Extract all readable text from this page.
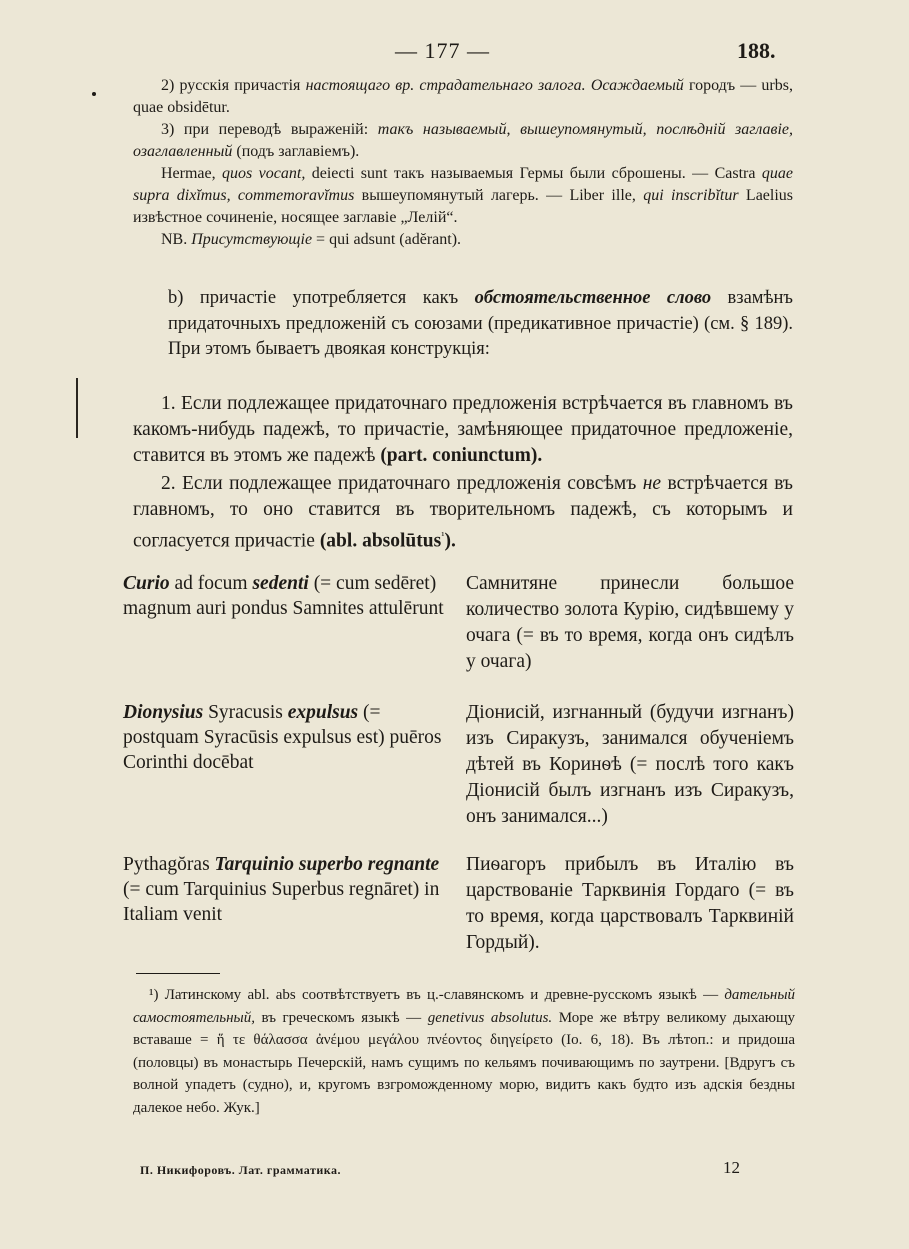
— 177 —	188.

2) русскія причастія настоящаго вр. страдательнаго залога. Осаждаемый городъ — urbs, quae obsidētur.

3) при переводѣ выраженій: такъ называемый, вышеупомянутый, послѣдній заглавіе, озаглавленный (подъ заглавіемъ).

Hermae, quos vocant, deiecti sunt такъ называемыя Гермы были сброшены. — Castra quae supra dixĭmus, commemoravĭmus вышеупомянутый лагерь. — Liber ille, qui inscribĭtur Laelius извѣстное сочиненіе, носящее заглавіе „Лелій“.

NB. Присутствующіе = qui adsunt (adĕrant).

b) причастіе употребляется какъ обстоятельственное слово взамѣнъ придаточныхъ предложеній съ союзами (предикативное причастіе) (см. § 189). При этомъ бываетъ двоякая конструкція:

1. Если подлежащее придаточнаго предложенія встрѣчается въ главномъ въ какомъ-нибудь падежѣ, то причастіе, замѣняющее придаточное предложеніе, ставится въ этомъ же падежѣ (part. coniunctum).

2. Если подлежащее придаточнаго предложенія совсѣмъ не встрѣчается въ главномъ, то оно ставится въ творительномъ падежѣ, съ которымъ и согласуется причастіе (abl. absolūtus$^{^1}$).

Curio ad focum sedenti (= cum sedēret) magnum auri pondus Samnites attulērunt
Самнитяне принесли большое количество золота Курію, сидѣвшему у очага (= въ то время, когда онъ сидѣлъ у очага)
Dionysius Syracusis expulsus (= postquam Syracūsis expulsus est) puēros Corinthi docēbat
Діонисій, изгнанный (будучи изгнанъ) изъ Сиракузъ, занимался обученіемъ дѣтей въ Коринѳѣ (= послѣ того какъ Діонисій былъ изгнанъ изъ Сиракузъ, онъ занимался...)
Pythagŏras Tarquinio superbo regnante (= cum Tarquinius Superbus regnāret) in Italiam venit
Пиѳагоръ прибылъ въ Италію въ царствованіе Тарквинія Гордаго (= въ то время, когда царствовалъ Тарквиній Гордый).

¹) Латинскому abl. abs соотвѣтствуетъ въ ц.-славянскомъ и древне-русскомъ языкѣ — дательный самостоятельный, въ греческомъ языкѣ — genetivus absolutus. Море же вѣтру великому дыхающу вставаше = ἥ τε θάλασσα ἀνέμου μεγάλου πνέοντος διηγείρετο (Io. 6, 18). Въ лѣтоп.: и придоша (половцы) въ монастырь Печерскій, намъ сущимъ по кельямъ почивающимъ по заутрени. [Вдругъ съ волной упадетъ (судно), и, кругомъ взгроможденному морю, видитъ какъ будто изъ адскія бездны далекое небо. Жук.]

П. Никифоровъ. Лат. грамматика.	12
